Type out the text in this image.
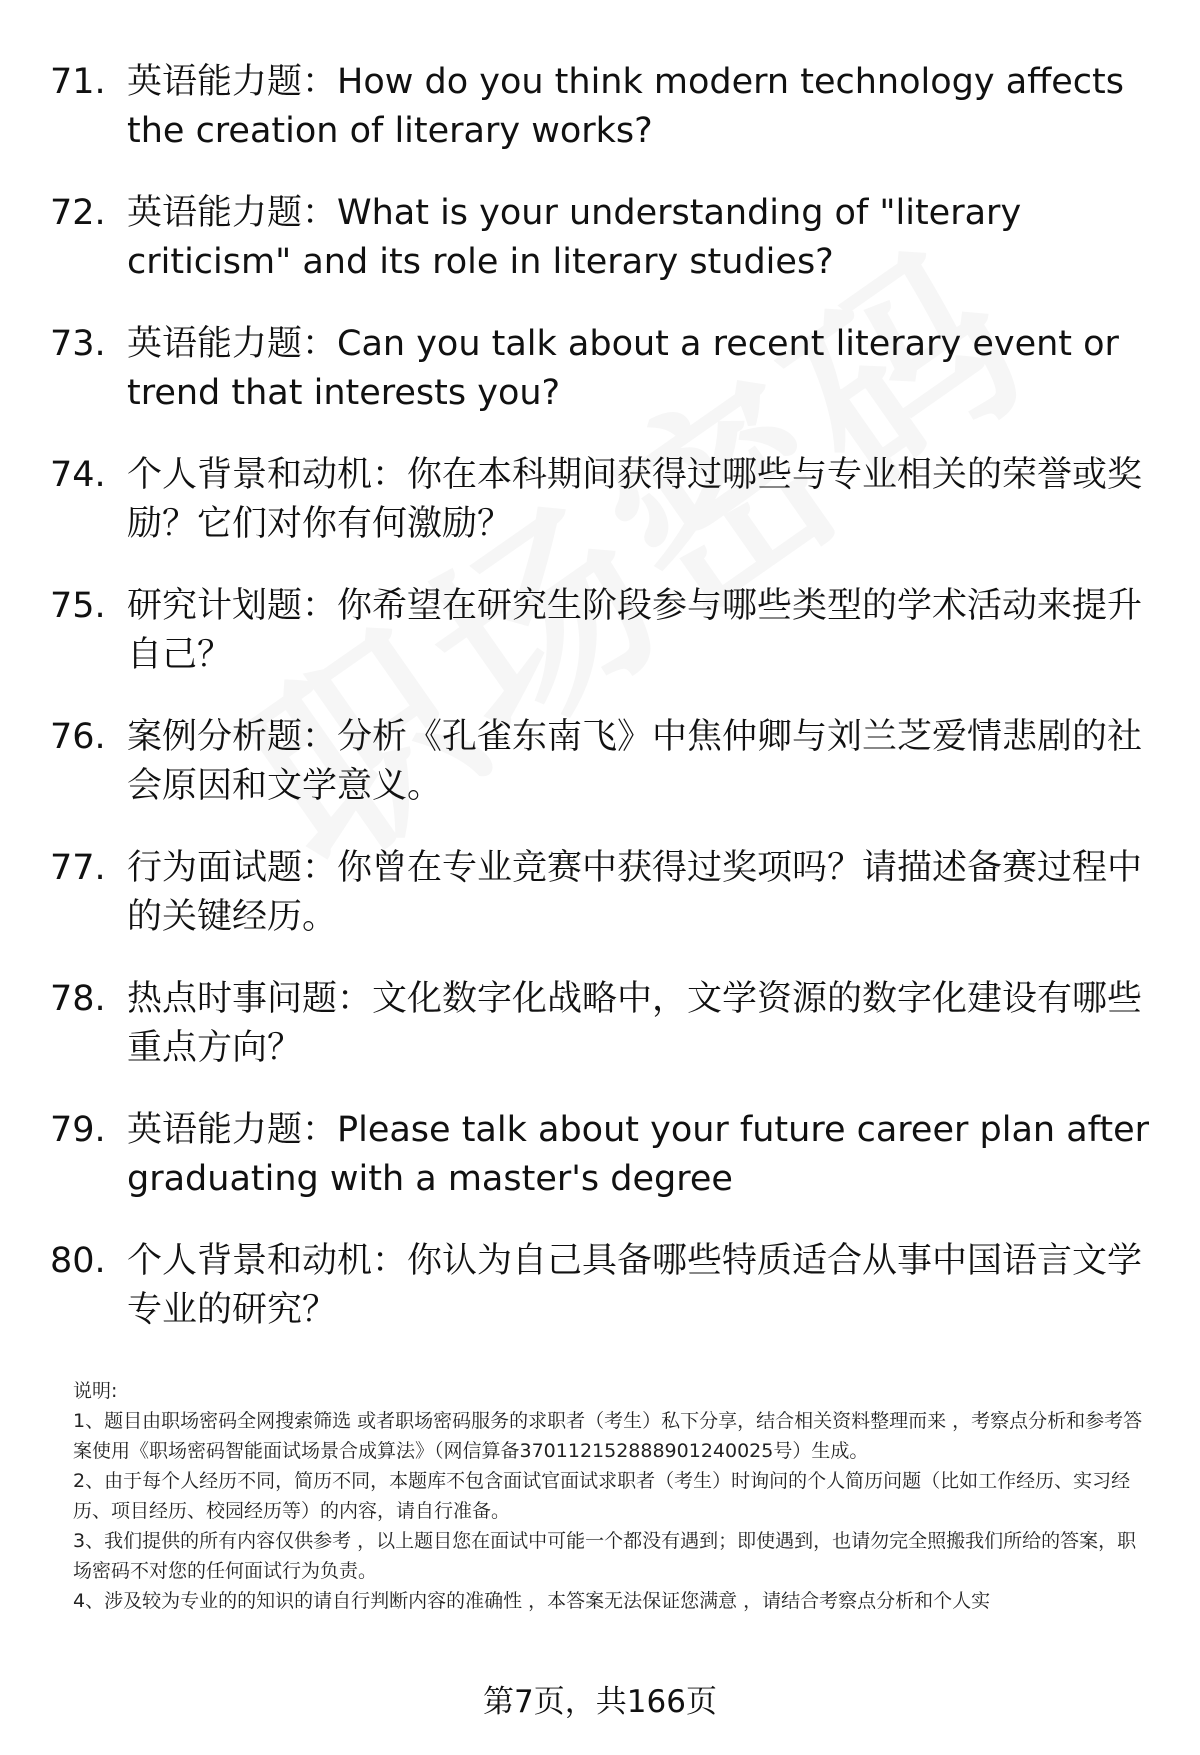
71. 英语能力题：How do you think modern technology affects the creation of literary works?
72. 英语能力题：What is your understanding of "literary criticism" and its role in literary studies?
73. 英语能力题：Can you talk about a recent literary event or trend that interests you?
74. 个人背景和动机：你在本科期间获得过哪些与专业相关的荣誉或奖励？它们对你有何激励？
75. 研究计划题：你希望在研究生阶段参与哪些类型的学术活动来提升自己？
76. 案例分析题：分析《孔雀东南飞》中焦仲卿与刘兰芝爱情悲剧的社会原因和文学意义。
77. 行为面试题：你曾在专业竞赛中获得过奖项吗？请描述备赛过程中的关键经历。
78. 热点时事问题：文化数字化战略中，文学资源的数字化建设有哪些重点方向？
79. 英语能力题：Please talk about your future career plan after graduating with a master's degree
80. 个人背景和动机：你认为自己具备哪些特质适合从事中国语言文学专业的研究？

说明:

1、题目由职场密码全网搜索筛选 或者职场密码服务的求职者（考生）私下分享，结合相关资料整理而来 ，考察点分析和参考答案使用《职场密码智能面试场景合成算法》（网信算备370112152888901240025号）生成。

2、由于每个人经历不同，简历不同，本题库不包含面试官面试求职者（考生）时询问的个人简历问题（比如工作经历、实习经历、项目经历、校园经历等）的内容，请自行准备。

3、我们提供的所有内容仅供参考 ，以上题目您在面试中可能一个都没有遇到；即使遇到，也请勿完全照搬我们所给的答案，职场密码不对您的任何面试行为负责。

4、涉及较为专业的的知识的请自行判断内容的准确性 ，本答案无法保证您满意 ，请结合考察点分析和个人实

第7页，共166页
